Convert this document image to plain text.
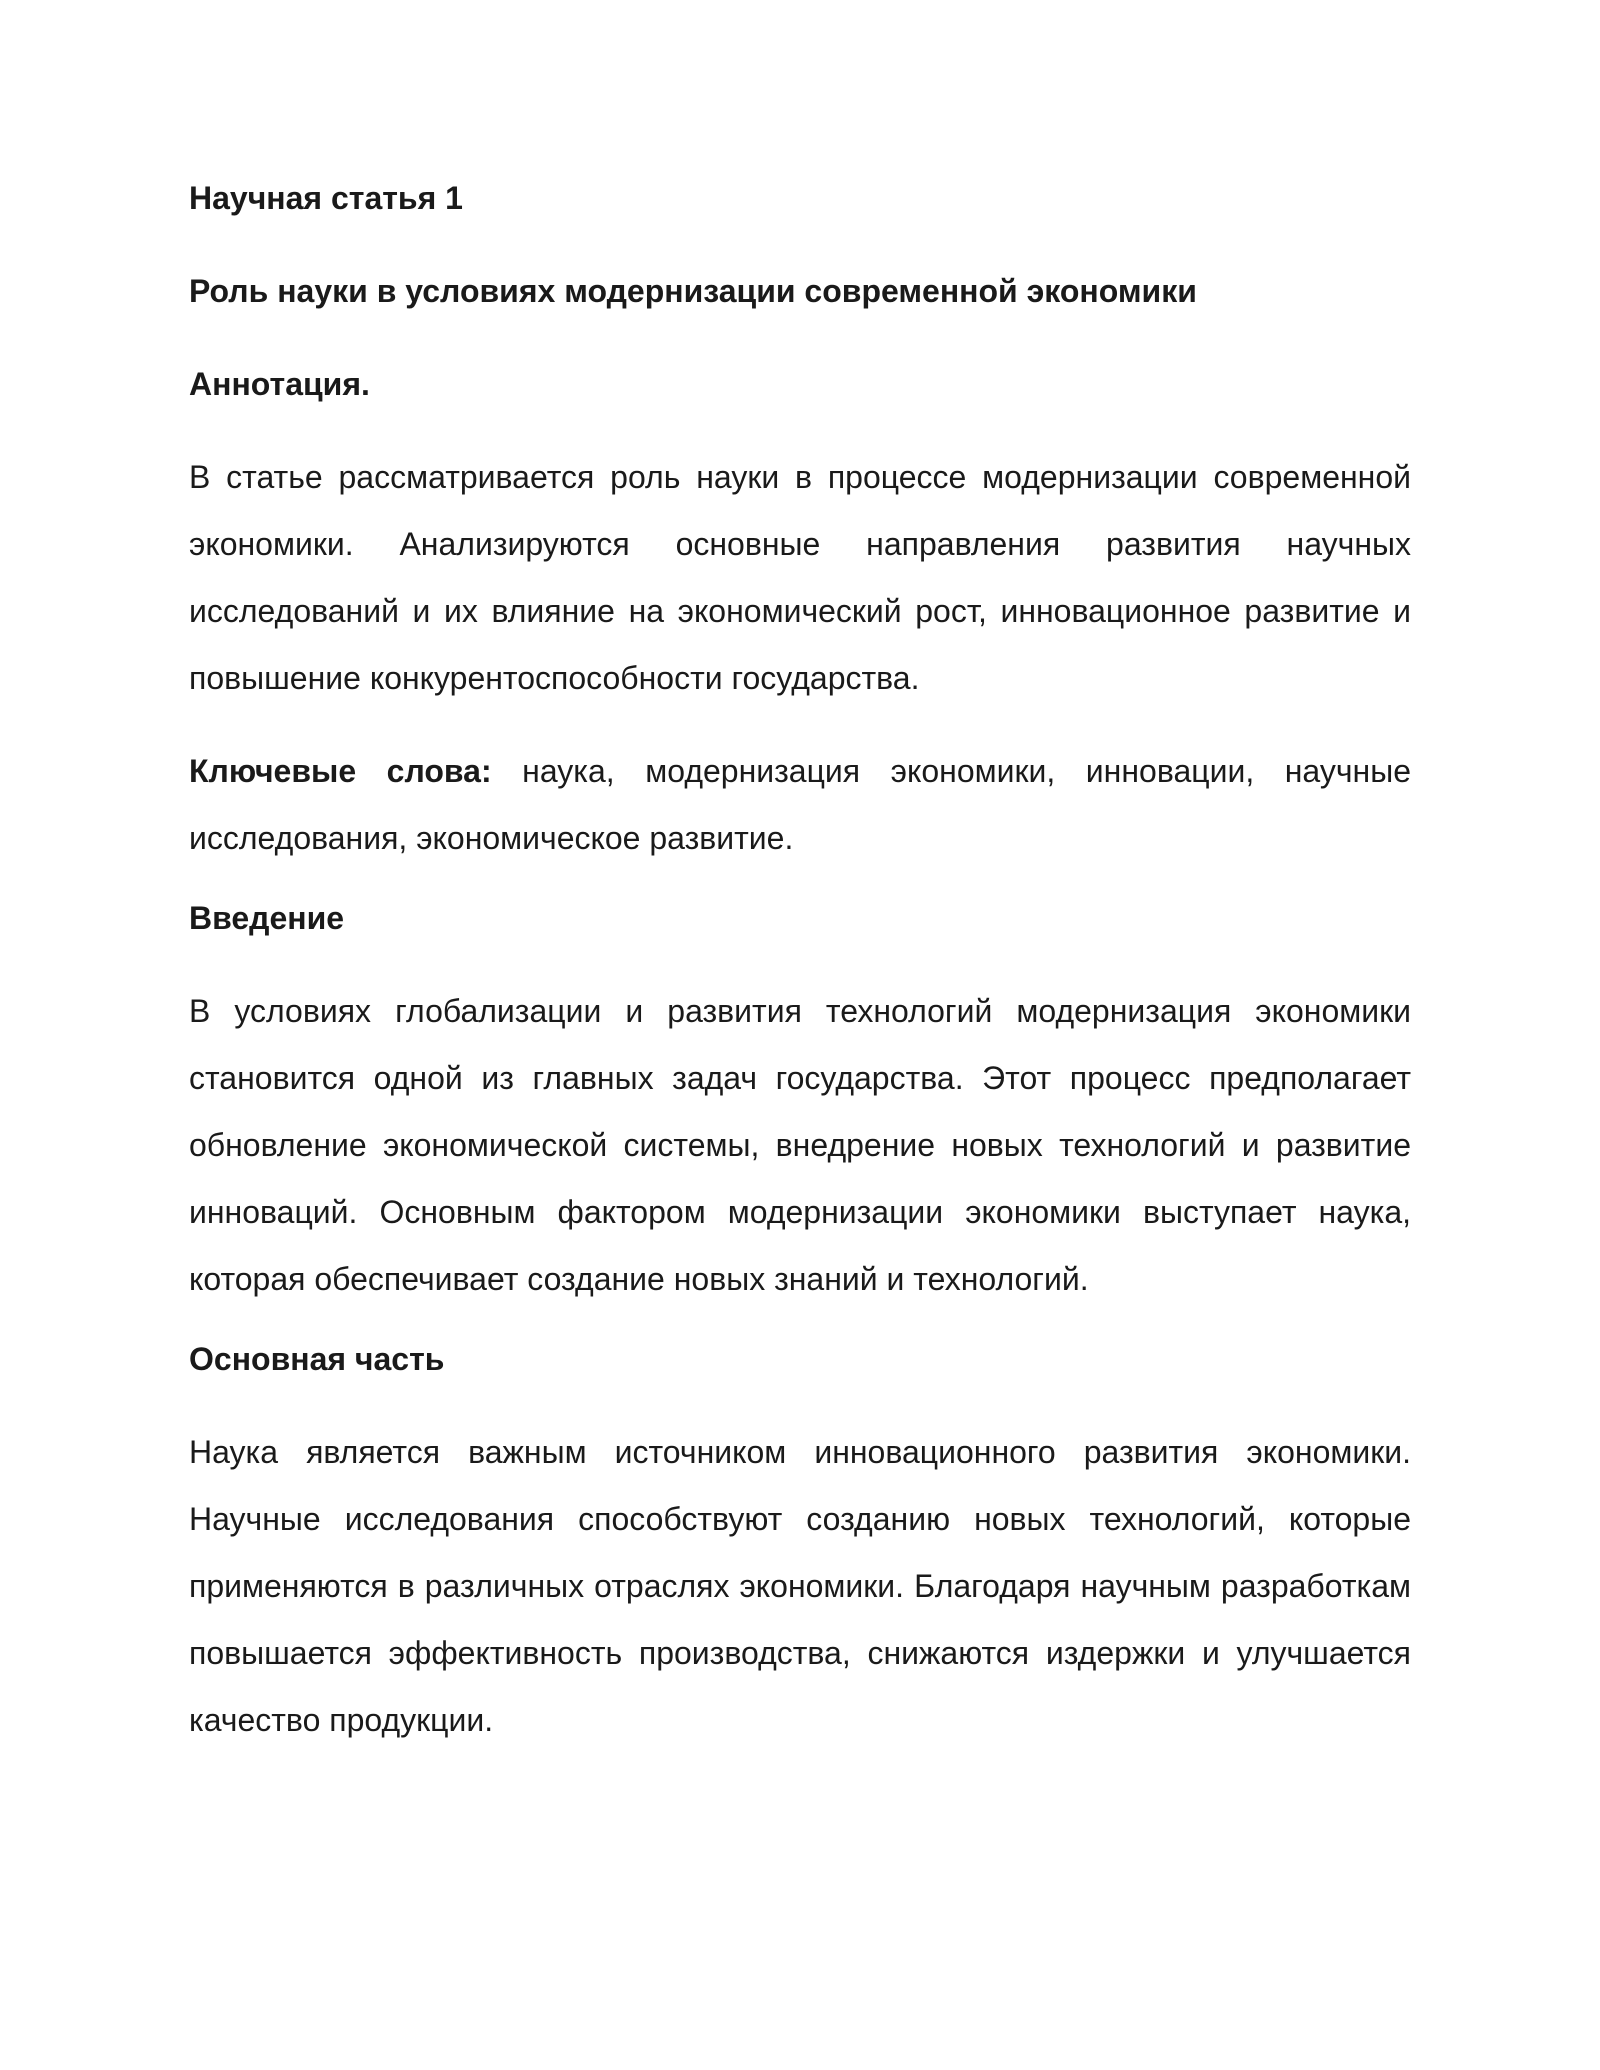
Научная статья 1

Роль науки в условиях модернизации современной экономики

Аннотация.

В статье рассматривается роль науки в процессе модернизации современной экономики. Анализируются основные направления развития научных исследований и их влияние на экономический рост, инновационное развитие и повышение конкурентоспособности государства.

Ключевые слова: наука, модернизация экономики, инновации, научные исследования, экономическое развитие.

Введение

В условиях глобализации и развития технологий модернизация экономики становится одной из главных задач государства. Этот процесс предполагает обновление экономической системы, внедрение новых технологий и развитие инноваций. Основным фактором модернизации экономики выступает наука, которая обеспечивает создание новых знаний и технологий.

Основная часть

Наука является важным источником инновационного развития экономики. Научные исследования способствуют созданию новых технологий, которые применяются в различных отраслях экономики. Благодаря научным разработкам повышается эффективность производства, снижаются издержки и улучшается качество продукции.
